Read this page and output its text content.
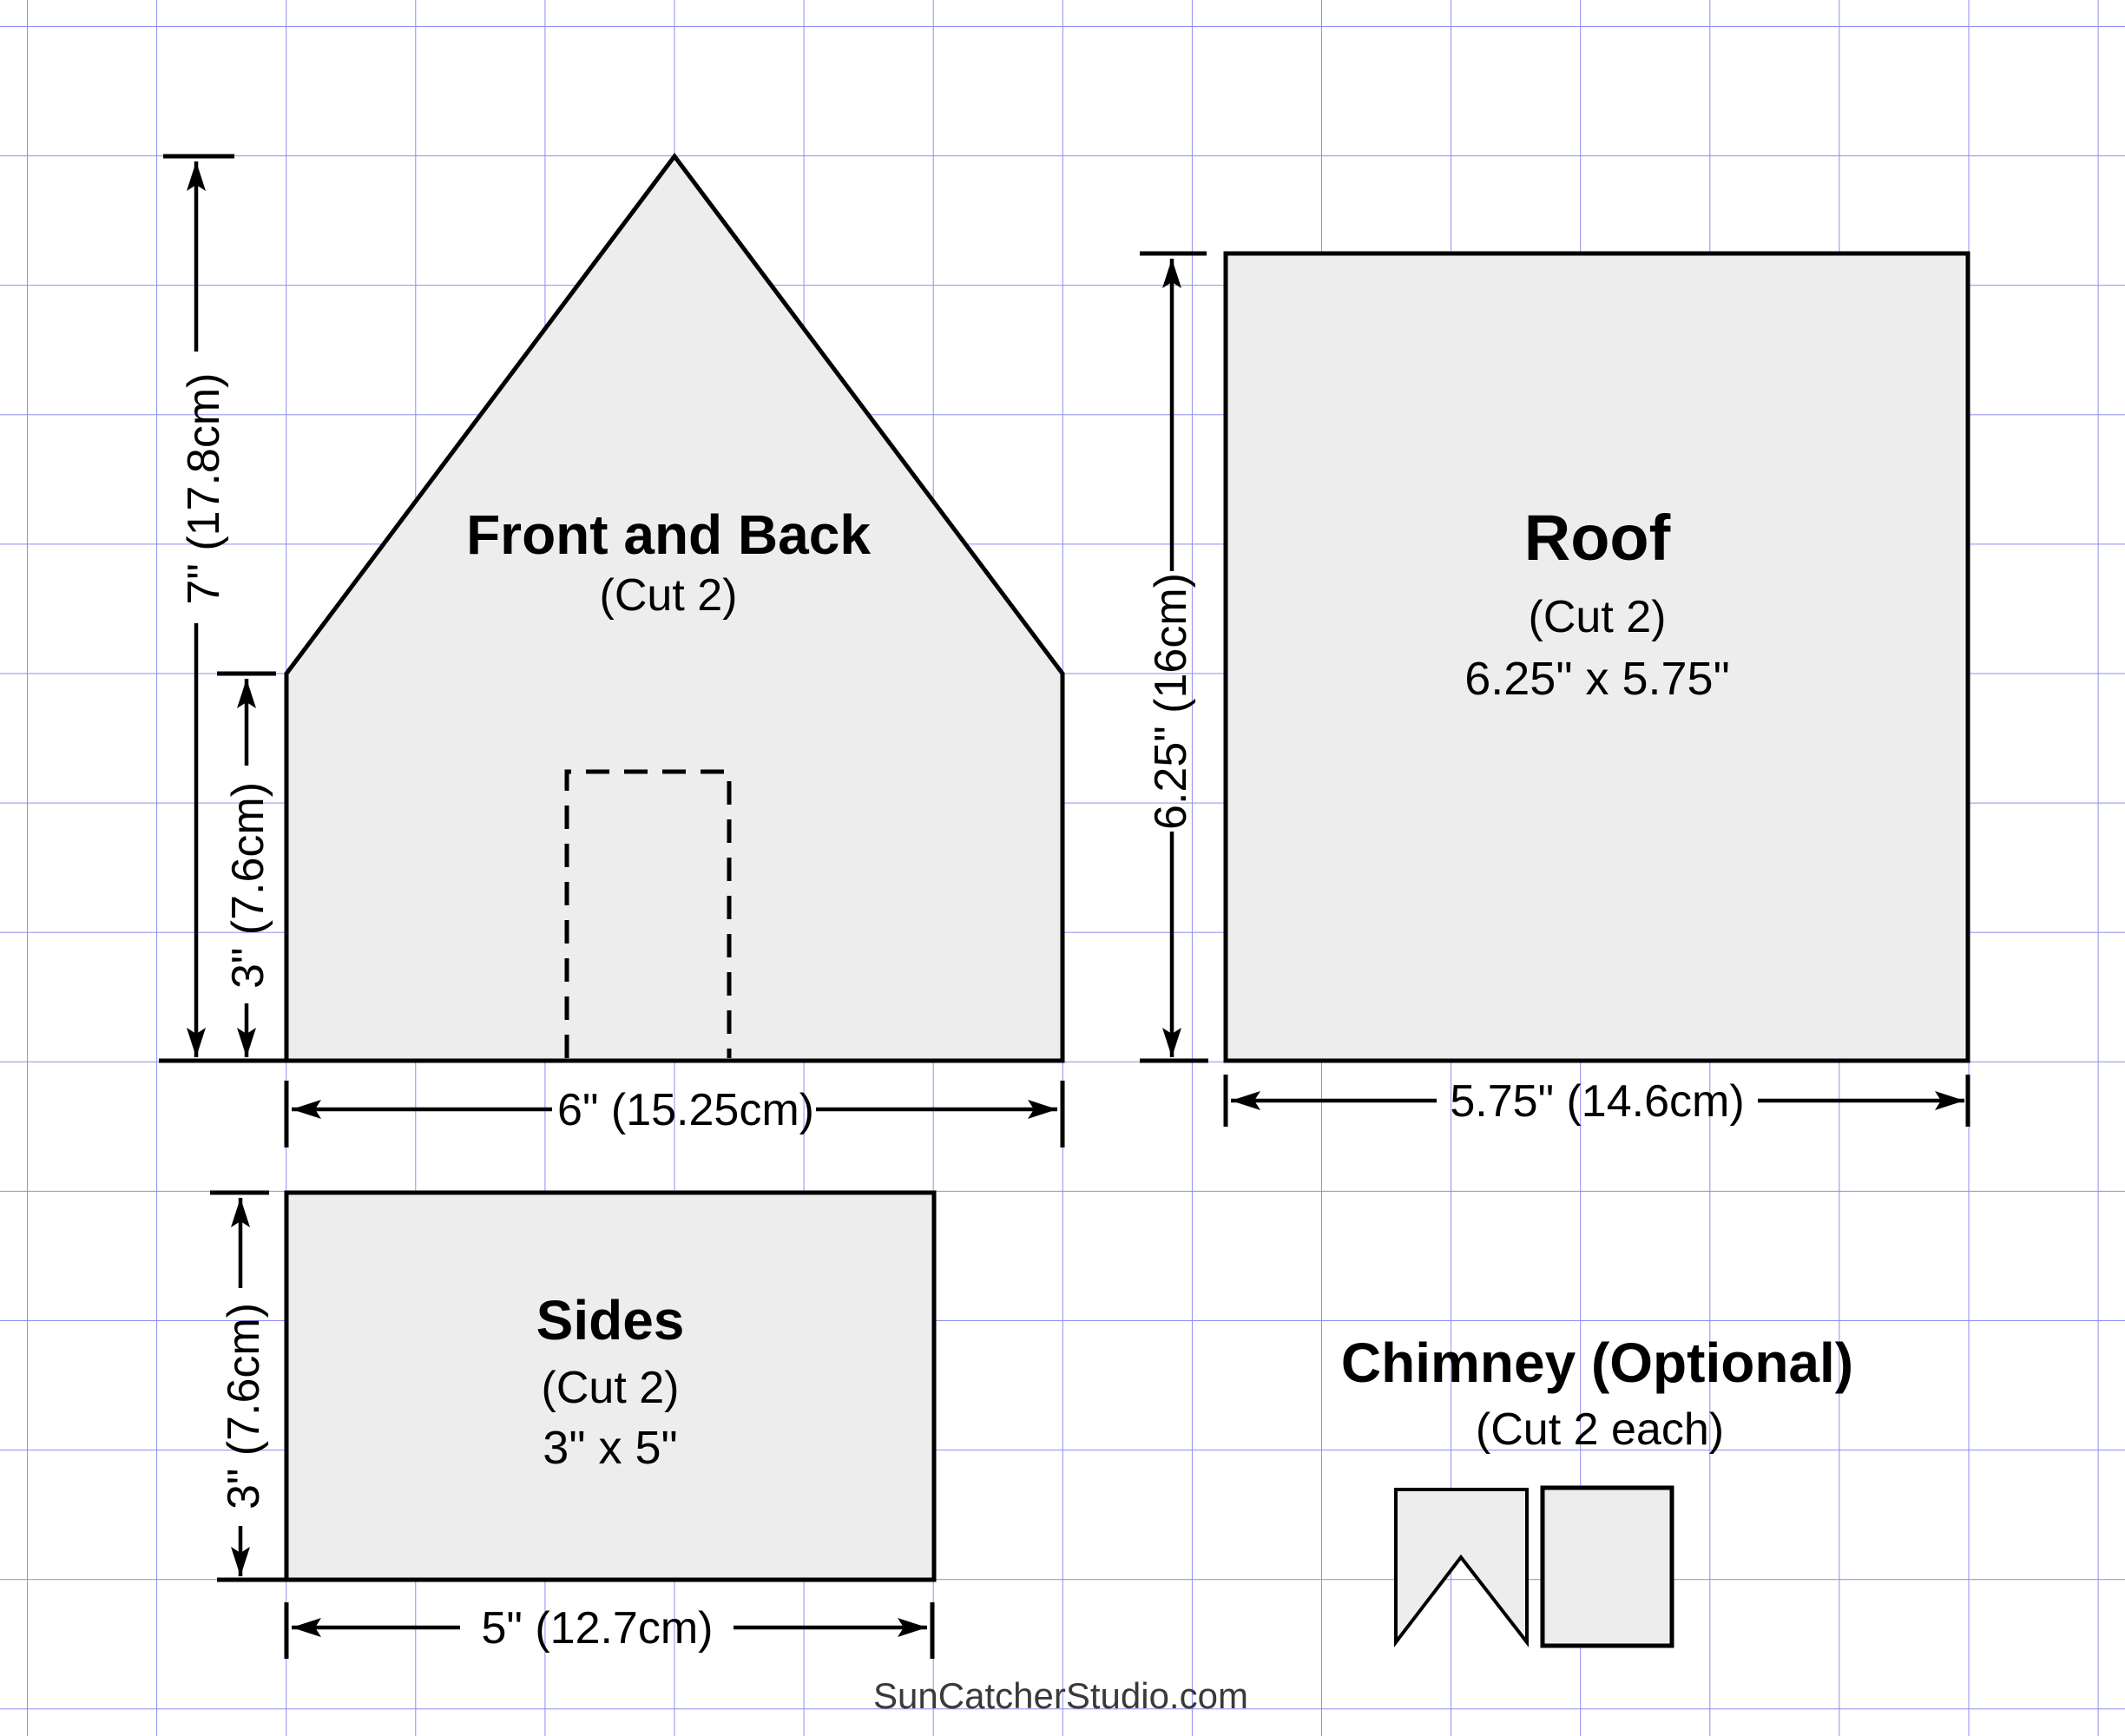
Front and Back
(Cut 2)
Roof
(Cut 2)
6.25" x 5.75"
Sides
(Cut 2)
3" x 5"
Chimney (Optional)
(Cut 2 each)
7" (17.8cm)
3" (7.6cm)
6" (15.25cm)
6.25" (16cm)
5.75" (14.6cm)
3" (7.6cm)
5" (12.7cm)
SunCatcherStudio.com
